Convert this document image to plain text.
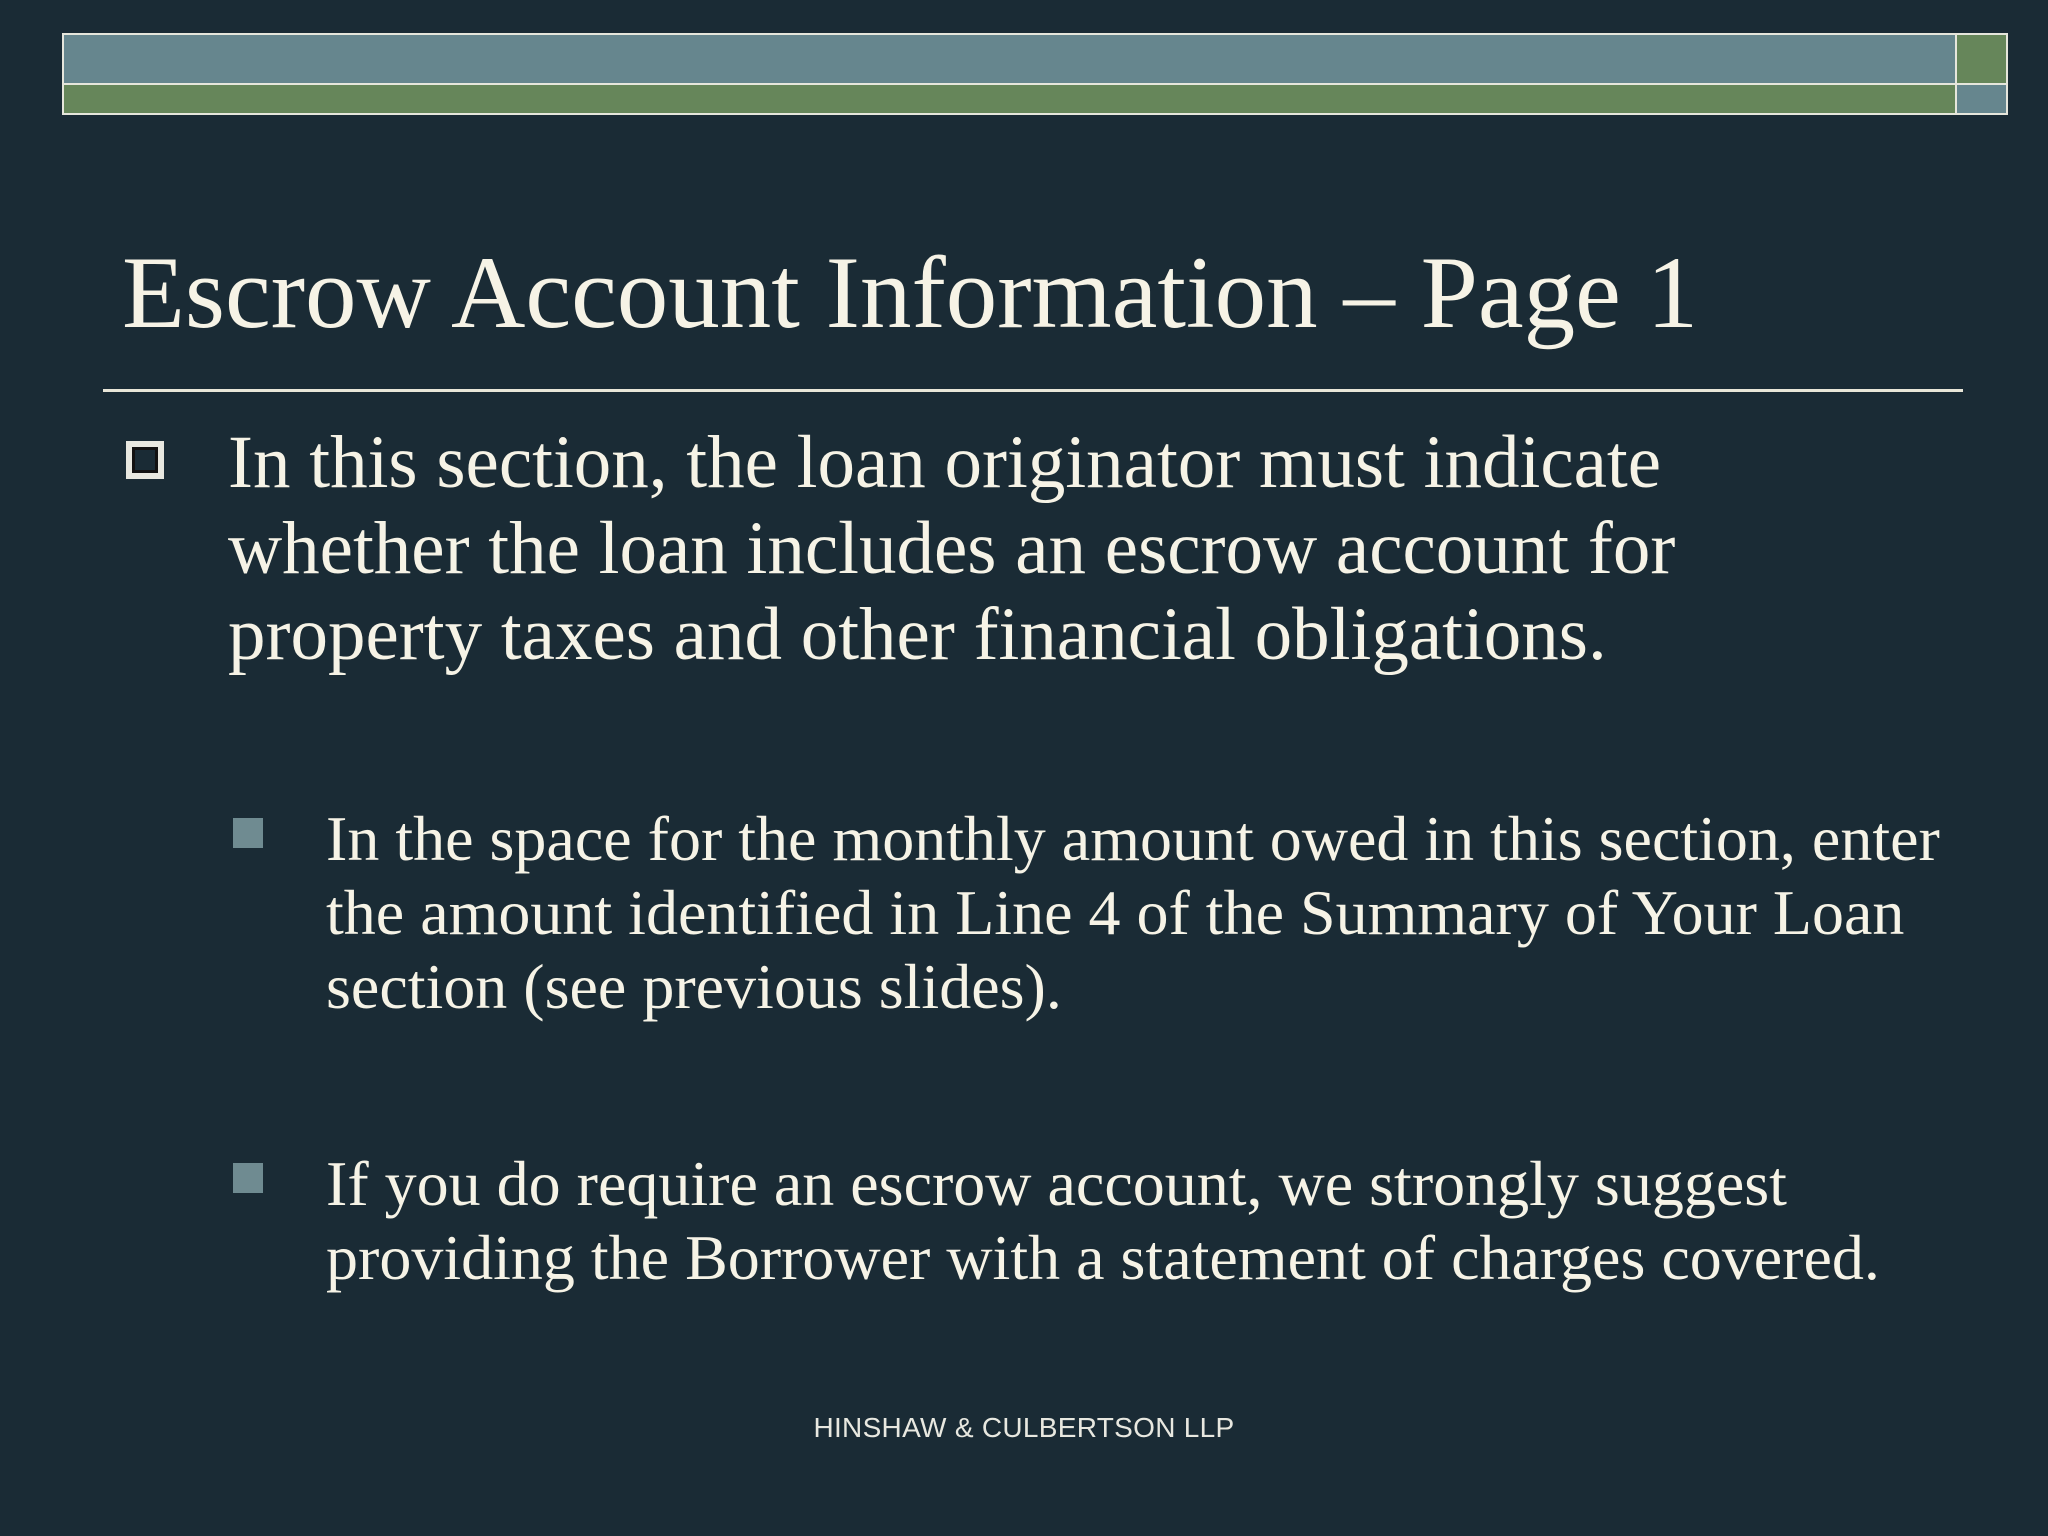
Escrow Account Information – Page 1
In this section, the loan originator must indicate whether the loan includes an escrow account for property taxes and other financial obligations.
In the space for the monthly amount owed in this section, enter the amount identified in Line 4 of the Summary of Your Loan section (see previous slides).
If you do require an escrow account, we strongly suggest providing the Borrower with a statement of charges covered.
HINSHAW & CULBERTSON LLP
